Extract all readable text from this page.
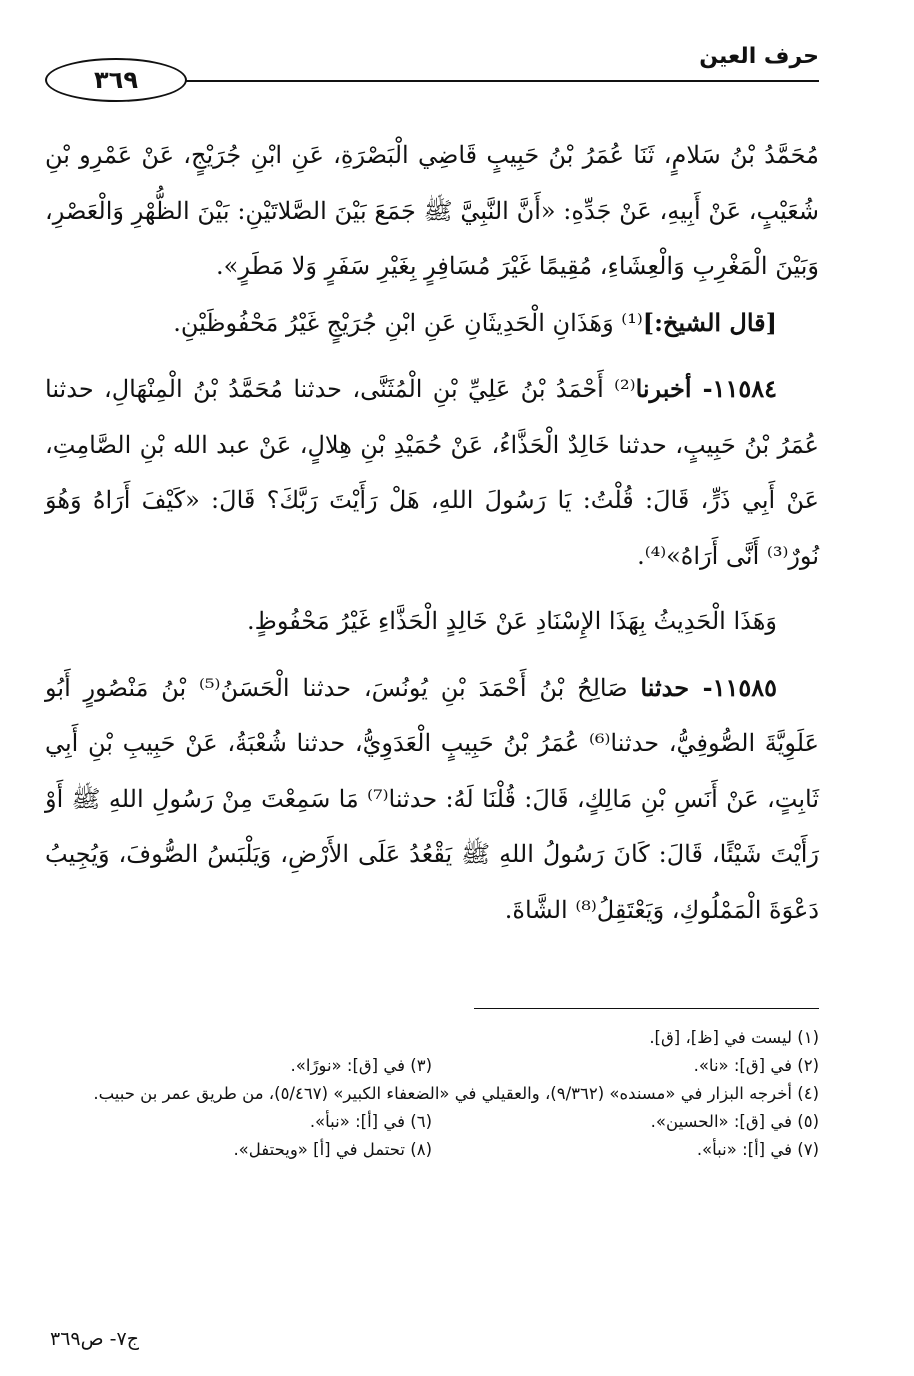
حرف العين
٣٦٩

مُحَمَّدُ بْنُ سَلامٍ، ثَنَا عُمَرُ بْنُ حَبِيبٍ قَاضِي الْبَصْرَةِ، عَنِ ابْنِ جُرَيْجٍ، عَنْ عَمْرِو بْنِ شُعَيْبٍ، عَنْ أَبِيهِ، عَنْ جَدِّهِ: «أَنَّ النَّبِيَّ ﷺ جَمَعَ بَيْنَ الصَّلاتَيْنِ: بَيْنَ الظُّهْرِ وَالْعَصْرِ، وَبَيْنَ الْمَغْرِبِ وَالْعِشَاءِ، مُقِيمًا غَيْرَ مُسَافِرٍ بِغَيْرِ سَفَرٍ وَلا مَطَرٍ».

[قال الشيخ:]⁽¹⁾ وَهَذَانِ الْحَدِيثَانِ عَنِ ابْنِ جُرَيْجٍ غَيْرُ مَحْفُوظَيْنِ.

١١٥٨٤- أخبرنا⁽²⁾ أَحْمَدُ بْنُ عَلِيِّ بْنِ الْمُثَنَّى، حدثنا مُحَمَّدُ بْنُ الْمِنْهَالِ، حدثنا عُمَرُ بْنُ حَبِيبٍ، حدثنا خَالِدٌ الْحَذَّاءُ، عَنْ حُمَيْدِ بْنِ هِلالٍ، عَنْ عبد الله بْنِ الصَّامِتِ، عَنْ أَبِي ذَرٍّ، قَالَ: قُلْتُ: يَا رَسُولَ اللهِ، هَلْ رَأَيْتَ رَبَّكَ؟ قَالَ: «كَيْفَ أَرَاهُ وَهُوَ نُورٌ⁽³⁾ أَنَّى أَرَاهُ»⁽⁴⁾.

وَهَذَا الْحَدِيثُ بِهَذَا الإِسْنَادِ عَنْ خَالِدٍ الْحَذَّاءِ غَيْرُ مَحْفُوظٍ.

١١٥٨٥- حدثنا صَالِحُ بْنُ أَحْمَدَ بْنِ يُونُسَ، حدثنا الْحَسَنُ⁽⁵⁾ بْنُ مَنْصُورٍ أَبُو عَلَوِيَّةَ الصُّوفِيُّ، حدثنا⁽⁶⁾ عُمَرُ بْنُ حَبِيبٍ الْعَدَوِيُّ، حدثنا شُعْبَةُ، عَنْ حَبِيبِ بْنِ أَبِي ثَابِتٍ، عَنْ أَنَسِ بْنِ مَالِكٍ، قَالَ: قُلْنَا لَهُ: حدثنا⁽⁷⁾ مَا سَمِعْتَ مِنْ رَسُولِ اللهِ ﷺ أَوْ رَأَيْتَ شَيْئًا، قَالَ: كَانَ رَسُولُ اللهِ ﷺ يَقْعُدُ عَلَى الأَرْضِ، وَيَلْبَسُ الصُّوفَ، وَيُجِيبُ دَعْوَةَ الْمَمْلُوكِ، وَيَعْتَقِلُ⁽⁸⁾ الشَّاةَ.

(١) ليست في [ظ]، [ق].
(٢) في [ق]: «نا».
(٣) في [ق]: «نورًا».
(٤) أخرجه البزار في «مسنده» (٩/٣٦٢)، والعقيلي في «الضعفاء الكبير» (٥/٤٦٧)، من طريق عمر بن حبيب.
(٥) في [ق]: «الحسين».
(٦) في [أ]: «نبأ».
(٧) في [أ]: «نبأ».
(٨) تحتمل في [أ] «ويحتفل».
ج٧- ص٣٦٩
